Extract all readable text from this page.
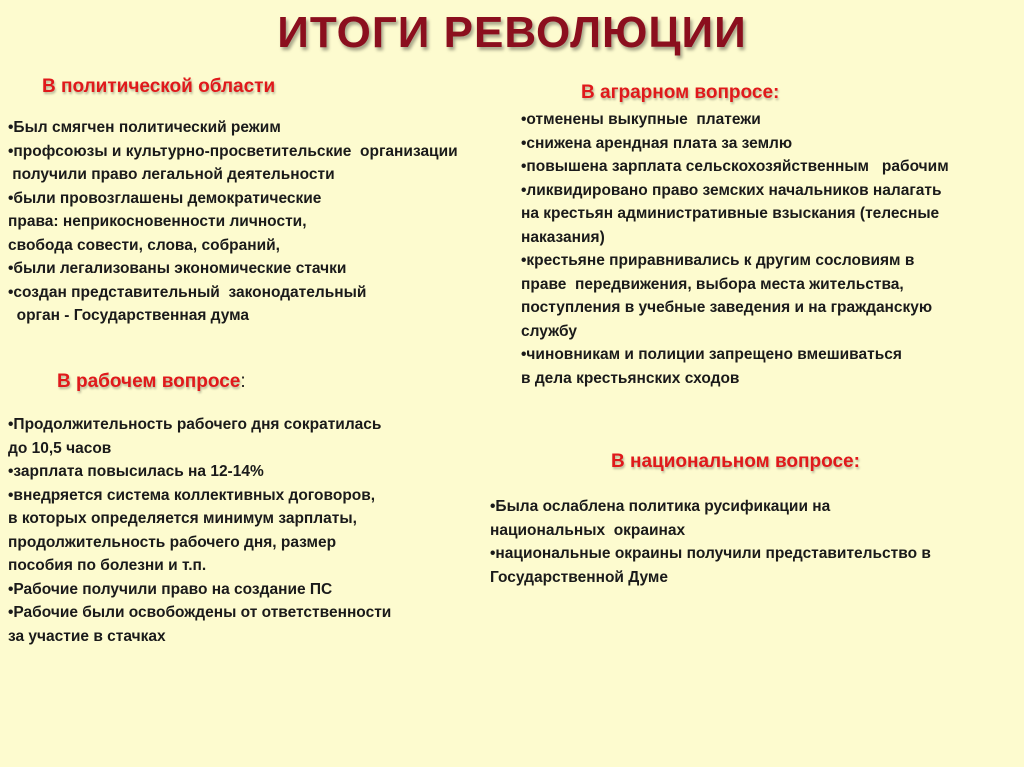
ИТОГИ РЕВОЛЮЦИИ
В политической области
•Был смягчен политический режим
•профсоюзы и культурно-просветительские  организации
получили право легальной деятельности
•были провозглашены демократические
права: неприкосновенности личности,
свобода совести, слова, собраний,
•были легализованы экономические стачки
•создан представительный  законодательный
орган - Государственная дума
В рабочем вопросе:
•Продолжительность рабочего дня сократилась
до 10,5 часов
•зарплата повысилась на 12-14%
•внедряется система коллективных договоров,
в которых определяется минимум зарплаты,
продолжительность рабочего дня, размер
пособия по болезни и т.п.
•Рабочие получили право на создание ПС
•Рабочие были освобождены от ответственности
за участие в стачках
В аграрном вопросе:
•отменены выкупные  платежи
•снижена арендная плата за землю
•повышена зарплата сельскохозяйственным   рабочим
•ликвидировано право земских начальников налагать
на крестьян административные взыскания (телесные
наказания)
•крестьяне приравнивались к другим сословиям в
праве  передвижения, выбора места жительства,
поступления в учебные заведения и на гражданскую
службу
•чиновникам и полиции запрещено вмешиваться
в дела крестьянских сходов
В национальном вопросе:
•Была ослаблена политика русификации на
национальных  окраинах
•национальные окраины получили представительство в
Государственной Думе
